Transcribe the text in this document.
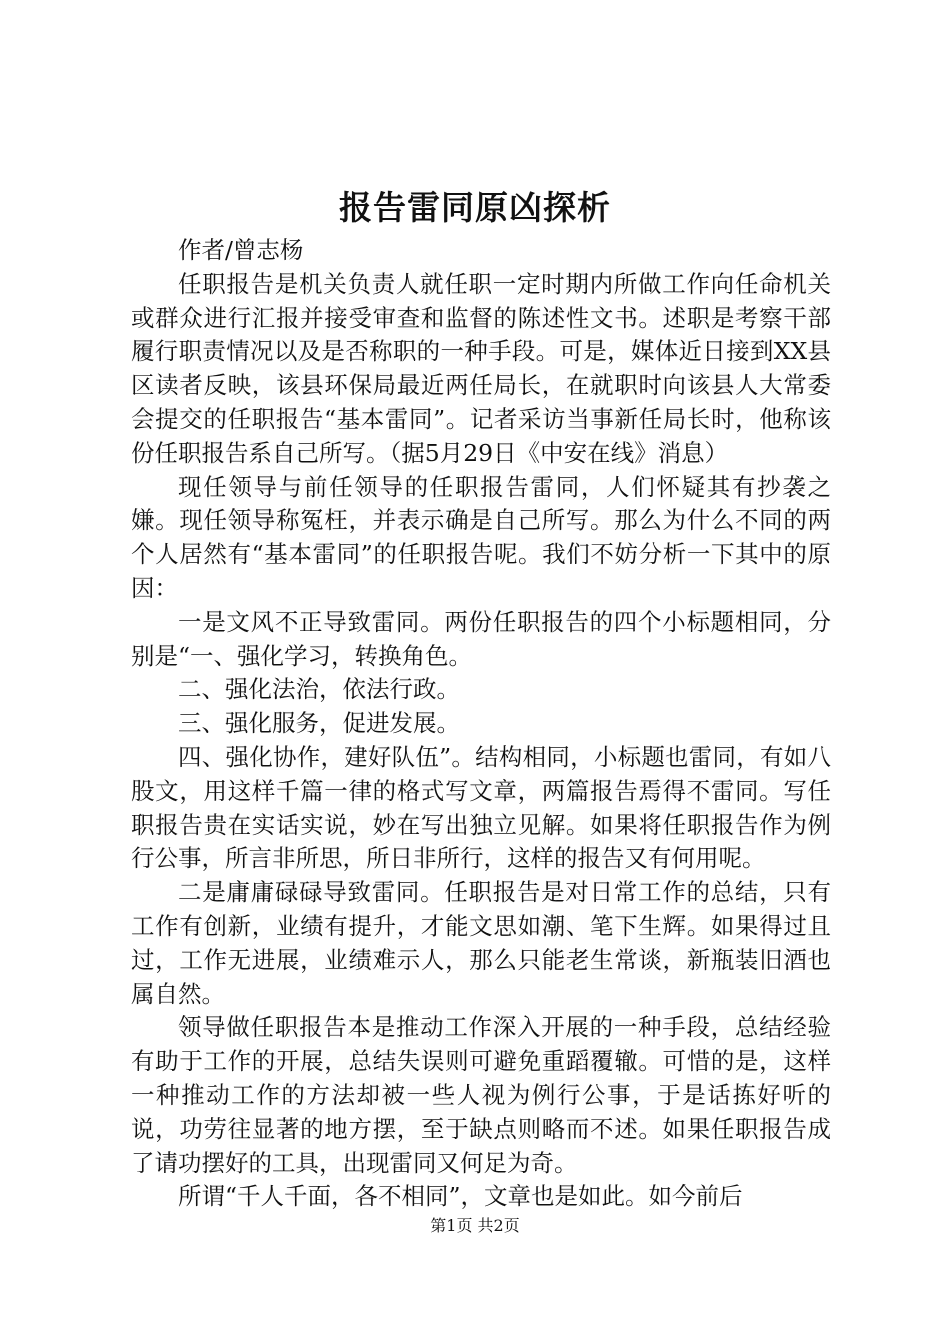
报告雷同原凶探析

作者/曾志杨

任职报告是机关负责人就任职一定时期内所做工作向任命机关或群众进行汇报并接受审查和监督的陈述性文书。述职是考察干部履行职责情况以及是否称职的一种手段。可是，媒体近日接到XX县区读者反映，该县环保局最近两任局长，在就职时向该县人大常委会提交的任职报告“基本雷同”。记者采访当事新任局长时，他称该份任职报告系自己所写。（据5月29日《中安在线》消息）

现任领导与前任领导的任职报告雷同，人们怀疑其有抄袭之嫌。现任领导称冤枉，并表示确是自己所写。那么为什么不同的两个人居然有“基本雷同”的任职报告呢。我们不妨分析一下其中的原因：

一是文风不正导致雷同。两份任职报告的四个小标题相同，分别是“一、强化学习，转换角色。

二、强化法治，依法行政。

三、强化服务，促进发展。

四、强化协作，建好队伍”。结构相同，小标题也雷同，有如八股文，用这样千篇一律的格式写文章，两篇报告焉得不雷同。写任职报告贵在实话实说，妙在写出独立见解。如果将任职报告作为例行公事，所言非所思，所日非所行，这样的报告又有何用呢。

二是庸庸碌碌导致雷同。任职报告是对日常工作的总结，只有工作有创新，业绩有提升，才能文思如潮、笔下生辉。如果得过且过，工作无进展，业绩难示人，那么只能老生常谈，新瓶装旧酒也属自然。

领导做任职报告本是推动工作深入开展的一种手段，总结经验有助于工作的开展，总结失误则可避免重蹈覆辙。可惜的是，这样一种推动工作的方法却被一些人视为例行公事，于是话拣好听的说，功劳往显著的地方摆，至于缺点则略而不述。如果任职报告成了请功摆好的工具，出现雷同又何足为奇。

所谓“千人千面，各不相同”，文章也是如此。如今前后

第1页 共2页
